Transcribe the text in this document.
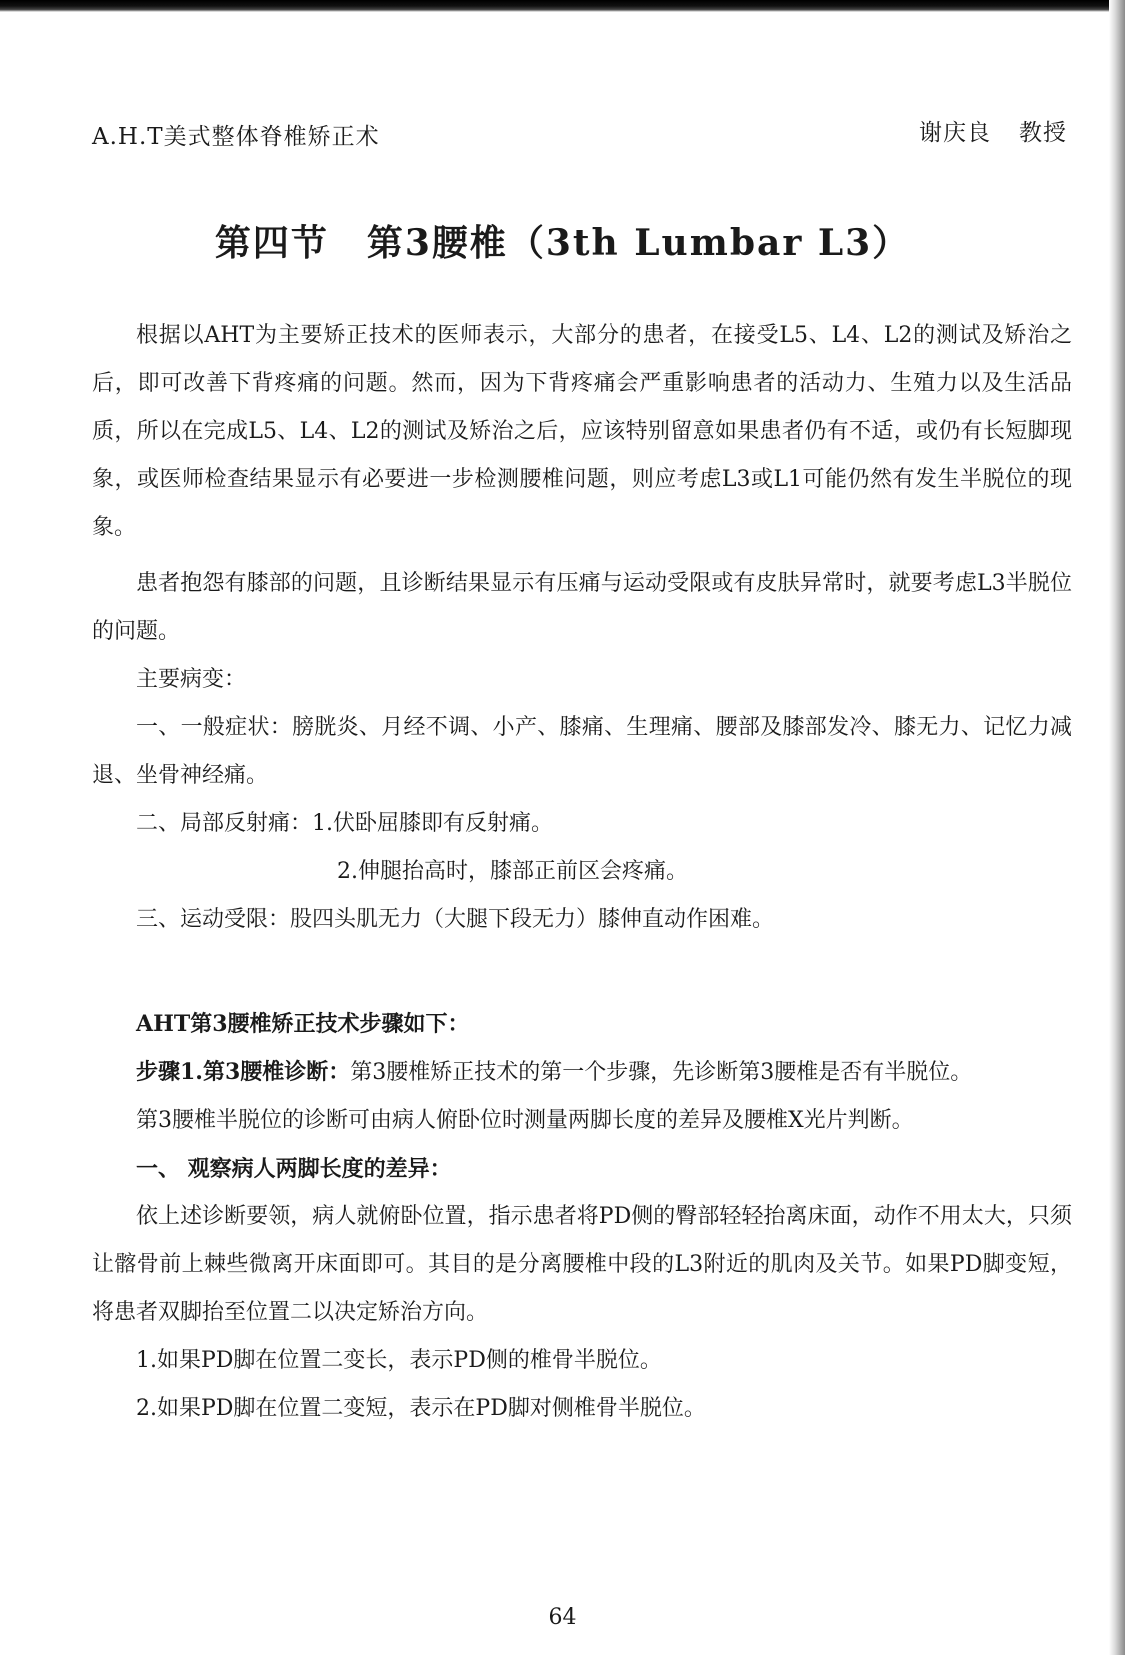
A.H.T美式整体脊椎矫正术	谢庆良 教授
第四节　第3腰椎（3th Lumbar L3）

根据以AHT为主要矫正技术的医师表示，大部分的患者，在接受L5、L4、L2的测试及矫治之后，即可改善下背疼痛的问题。然而，因为下背疼痛会严重影响患者的活动力、生殖力以及生活品质，所以在完成L5、L4、L2的测试及矫治之后，应该特别留意如果患者仍有不适，或仍有长短脚现象，或医师检查结果显示有必要进一步检测腰椎问题，则应考虑L3或L1可能仍然有发生半脱位的现象。

患者抱怨有膝部的问题，且诊断结果显示有压痛与运动受限或有皮肤异常时，就要考虑L3半脱位的问题。

主要病变：

一、一般症状：膀胱炎、月经不调、小产、膝痛、生理痛、腰部及膝部发冷、膝无力、记忆力减退、坐骨神经痛。

二、局部反射痛：1.伏卧屈膝即有反射痛。

2.伸腿抬高时，膝部正前区会疼痛。

三、运动受限：股四头肌无力（大腿下段无力）膝伸直动作困难。

AHT第3腰椎矫正技术步骤如下：

步骤1.第3腰椎诊断：第3腰椎矫正技术的第一个步骤，先诊断第3腰椎是否有半脱位。

第3腰椎半脱位的诊断可由病人俯卧位时测量两脚长度的差异及腰椎X光片判断。

一、 观察病人两脚长度的差异：

依上述诊断要领，病人就俯卧位置，指示患者将PD侧的臀部轻轻抬离床面，动作不用太大，只须让髂骨前上棘些微离开床面即可。其目的是分离腰椎中段的L3附近的肌肉及关节。如果PD脚变短，将患者双脚抬至位置二以决定矫治方向。

1.如果PD脚在位置二变长，表示PD侧的椎骨半脱位。

2.如果PD脚在位置二变短，表示在PD脚对侧椎骨半脱位。

64
